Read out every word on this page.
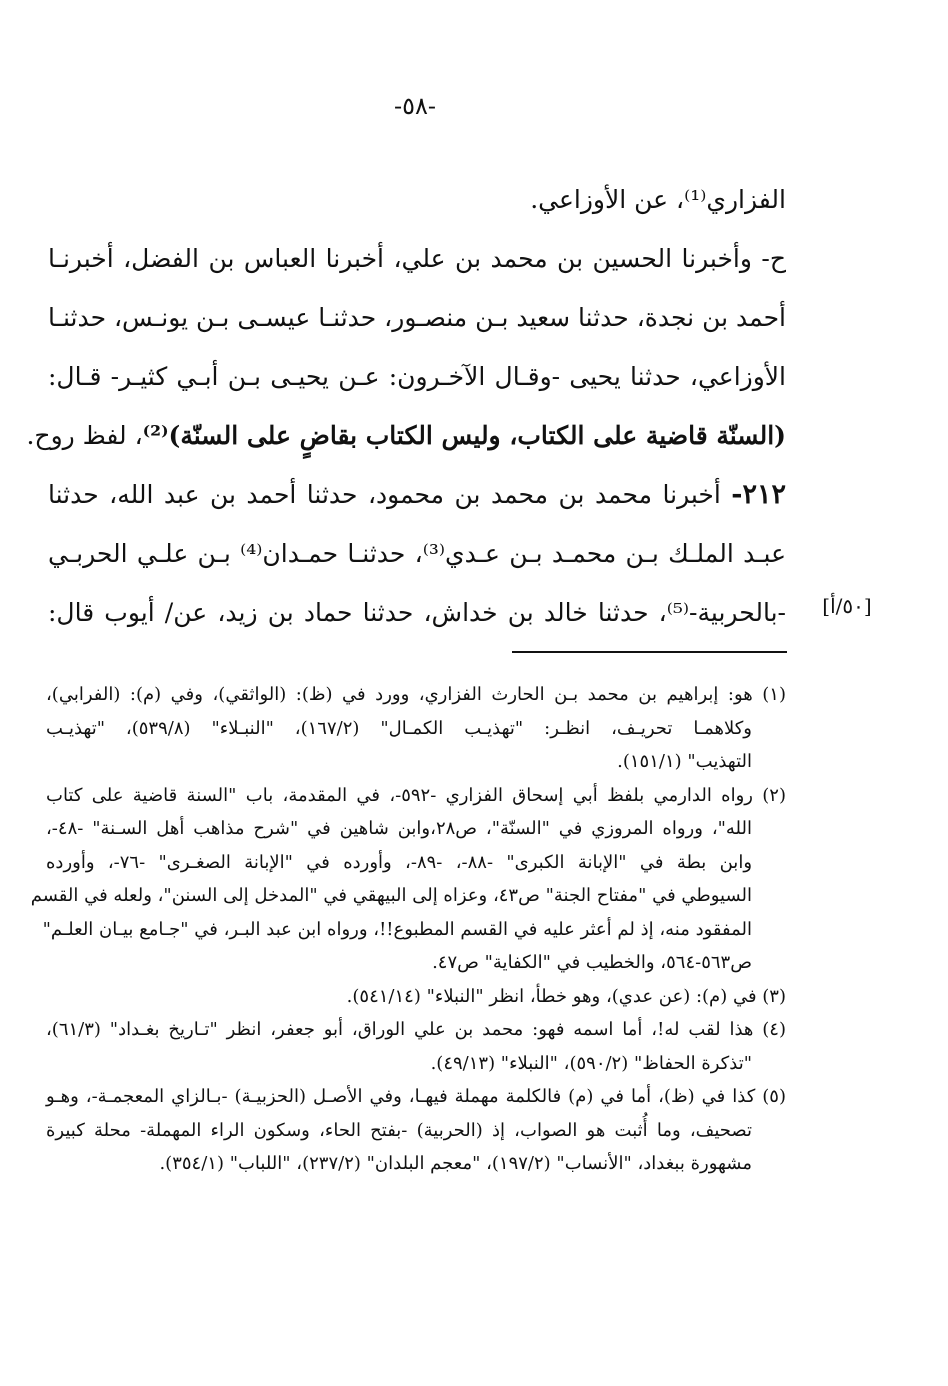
-٥٨-
الفزاري⁽¹⁾، عن الأوزاعي.
ح- وأخبرنا الحسين بن محمد بن علي، أخبرنا العباس بن الفضل، أخبرنـا
أحمد بن نجدة، حدثنا سعيد بـن منصـور، حدثنـا عيسـى بـن يونـس، حدثنـا
الأوزاعي، حدثنا يحيى -وقـال الآخـرون: عـن يحيـى بـن أبـي كثيـر- قـال:
(السنّة قاضية على الكتاب، وليس الكتاب بقاضٍ على السنّة)⁽²⁾، لفظ روح.
٢١٢- أخبرنا محمد بن محمد بن محمود، حدثنا أحمد بن عبد الله، حدثنا
عبـد الملـك بـن محمـد بـن عـدي⁽³⁾، حدثنـا حمـدان⁽⁴⁾ بـن علـي الحربـي
-بالحربية-⁽⁵⁾، حدثنا خالد بن خداش، حدثنا حماد بن زيد، عن/ أيوب قال:	[٥٠/أ]
(١) هو: إبراهيم بن محمد بـن الحارث الفزاري، وورد في (ظ): (الواثقي)، وفي (م): (الفرابي)،
وكلاهمـا تحريـف، انظـر: "تهذيـب الكمـال" (١٦٧/٢)، "النبـلاء" (٥٣٩/٨)، "تهذيـب
التهذيب" (١٥١/١).
(٢) رواه الدارمي بلفظ أبي إسحاق الفزاري -٥٩٢-، في المقدمة، باب "السنة قاضية على كتاب
الله"، ورواه المروزي في "السنّة"، ص٢٨،وابن شاهين في "شرح مذاهب أهل السـنة" -٤٨-،
وابن بطة في "الإبانة الكبرى" -٨٨-، -٨٩-، وأورده في "الإبانة الصغـرى" -٧٦-، وأورده
السيوطي في "مفتاح الجنة" ص٤٣، وعزاه إلى البيهقي في "المدخل إلى السنن"، ولعله في القسم
المفقود منه، إذ لم أعثر عليه في القسم المطبوع!!، ورواه ابن عبد البـر، في "جـامع بيـان العلـم"
ص٥٦٣-٥٦٤، والخطيب في "الكفاية" ص٤٧.
(٣) في (م): (عن عدي)، وهو خطأ، انظر "النبلاء" (٥٤١/١٤).
(٤) هذا لقب له!، أما اسمه فهو: محمد بن علي الوراق، أبو جعفر، انظر "تـاريخ بغـداد" (٦١/٣)،
"تذكرة الحفاظ" (٥٩٠/٢)، "النبلاء" (٤٩/١٣).
(٥) كذا في (ظ)، أما في (م) فالكلمة مهملة فيهـا، وفي الأصـل (الحزبيـة) -بـالزاي المعجمـة-، وهـو
تصحيف، وما أُثبت هو الصواب، إذ (الحربية) -بفتح الحاء، وسكون الراء المهملة- محلة كبيرة
مشهورة ببغداد، "الأنساب" (١٩٧/٢)، "معجم البلدان" (٢٣٧/٢)، "اللباب" (٣٥٤/١).
